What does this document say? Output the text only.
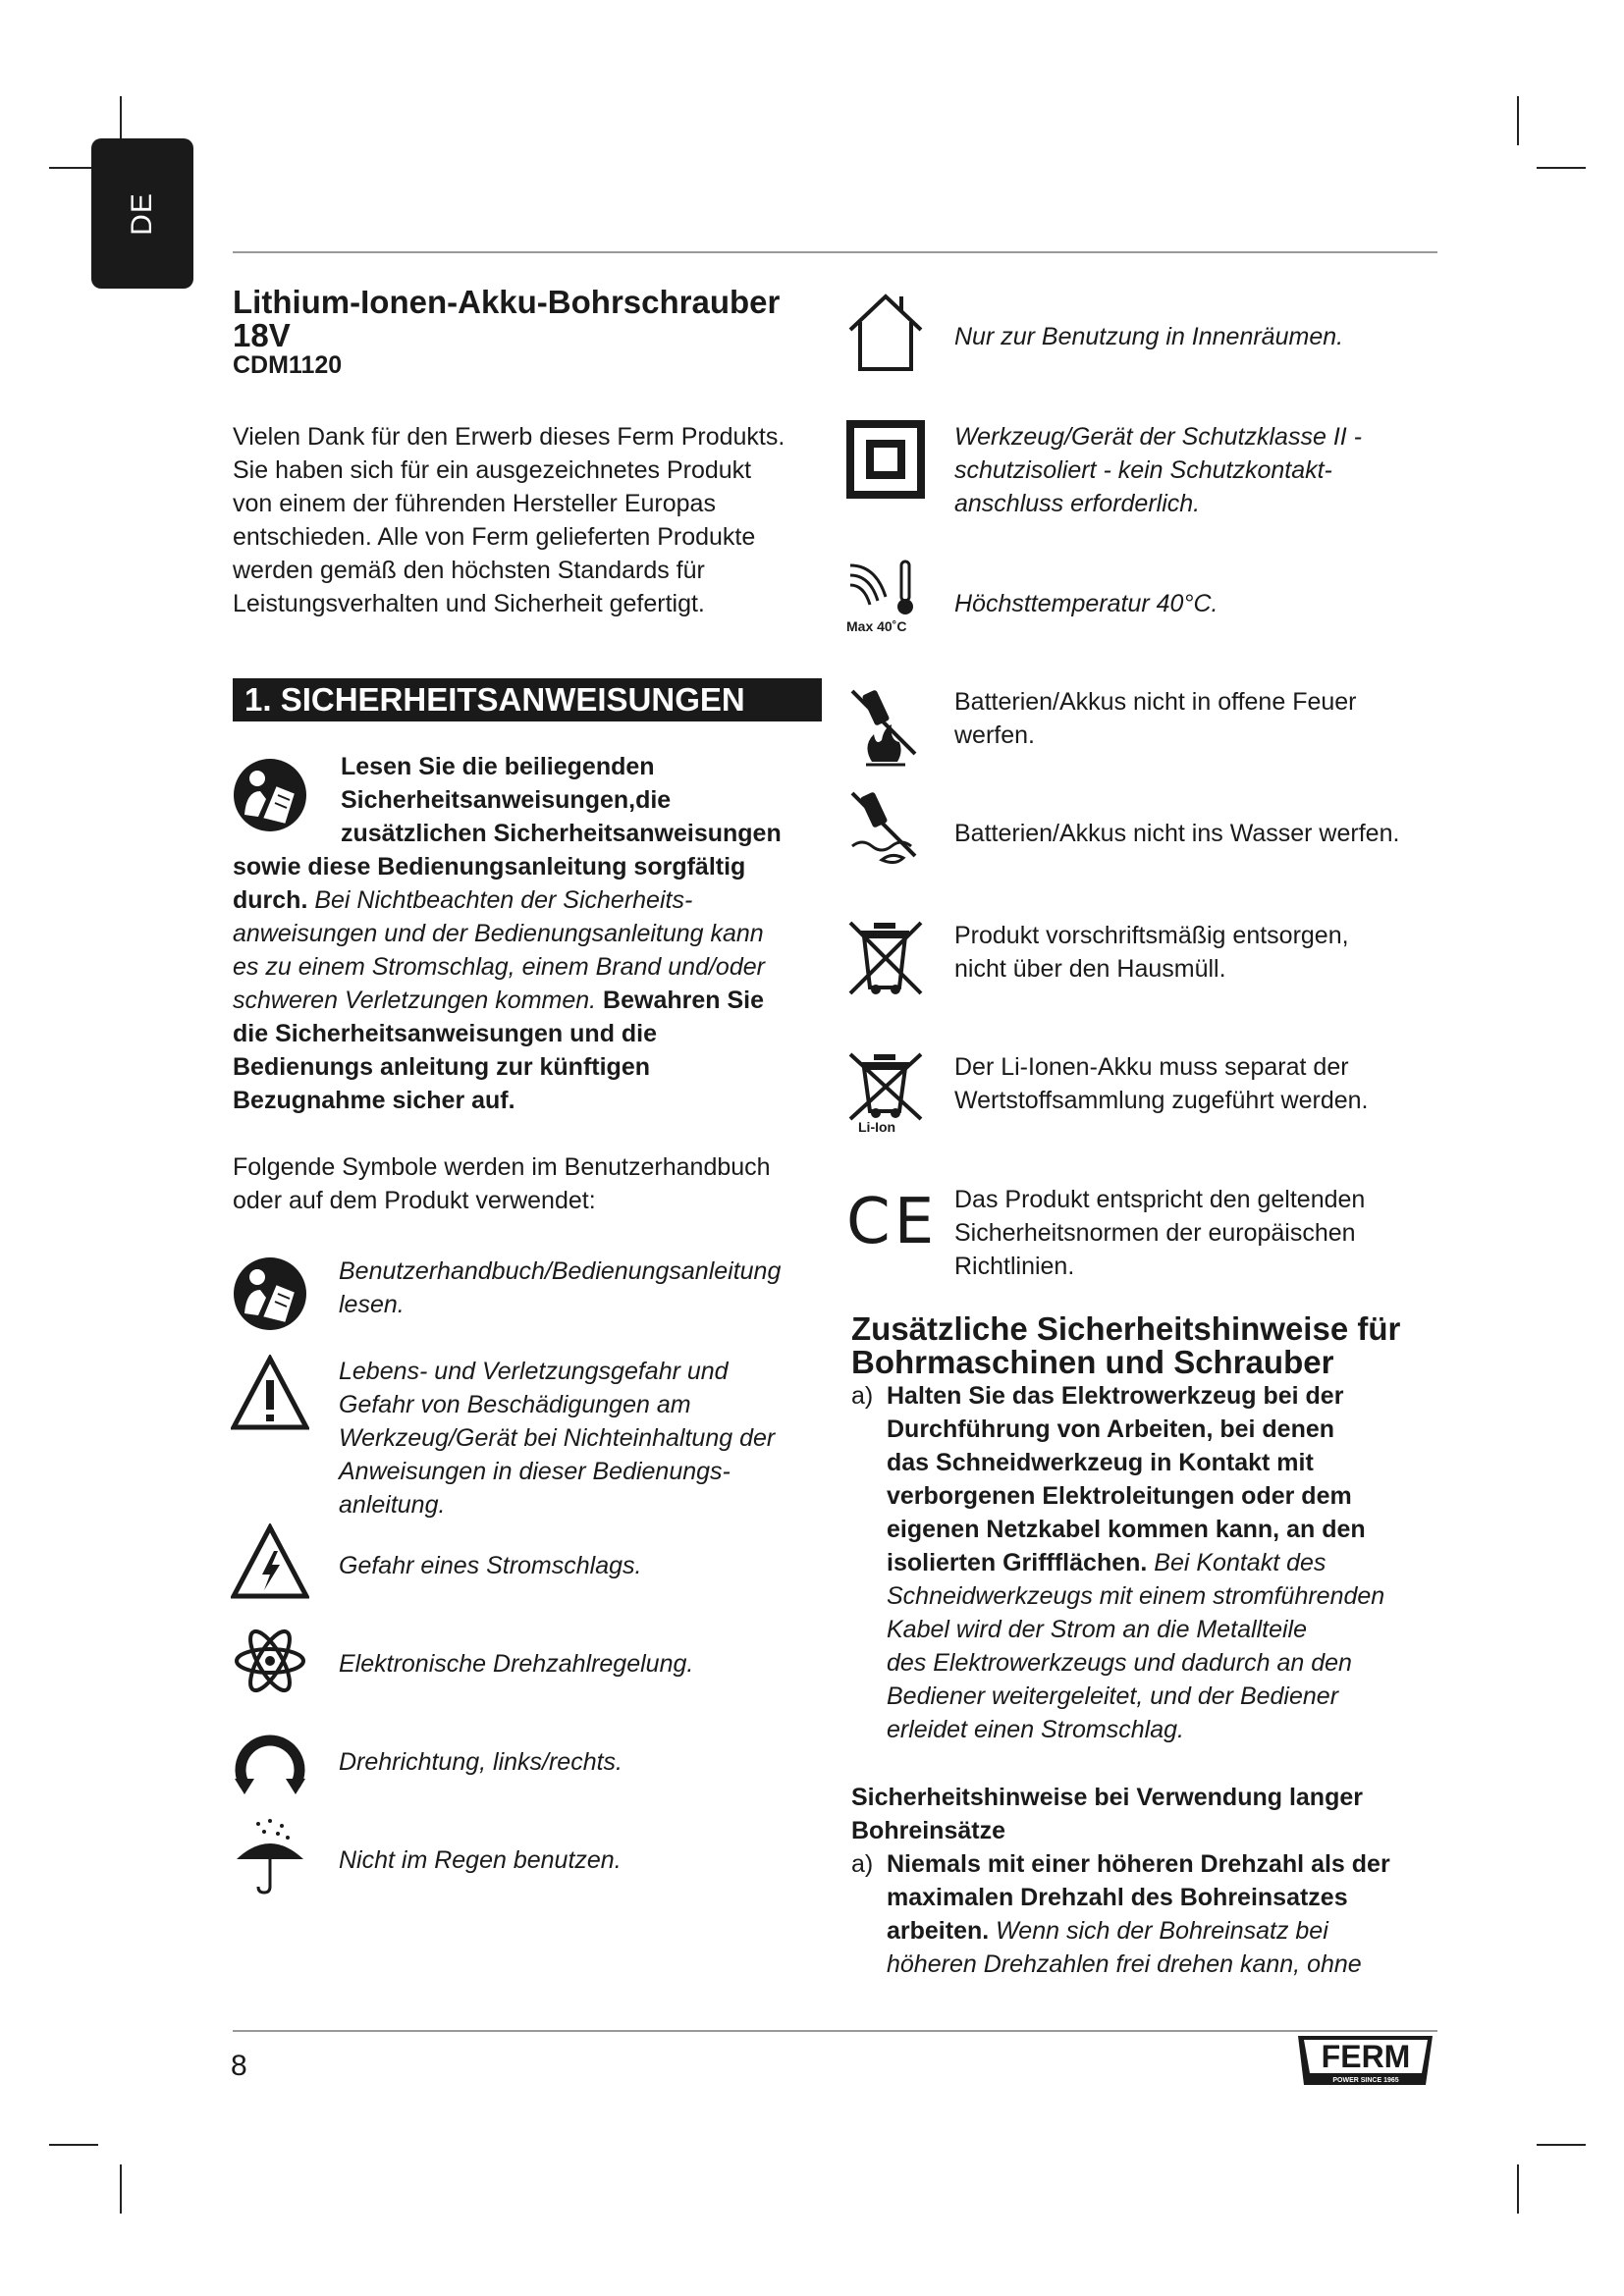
DE
Lithium-Ionen-Akku-Bohrschrauber
18V
CDM1120
Vielen Dank für den Erwerb dieses Ferm Produkts.
Sie haben sich für ein ausgezeichnetes Produkt
von einem der führenden Hersteller Europas
entschieden. Alle von Ferm gelieferten Produkte
werden gemäß den höchsten Standards für
Leistungsverhalten und Sicherheit gefertigt.
1. SICHERHEITSANWEISUNGEN
Lesen Sie die beiliegenden
Sicherheitsanweisungen,die
zusätzlichen Sicherheitsanweisungen
sowie diese Bedienungsanleitung sorgfältig
durch. Bei Nichtbeachten der Sicherheits-
anweisungen und der Bedienungsanleitung kann
es zu einem Stromschlag, einem Brand und/oder
schweren Verletzungen kommen. Bewahren Sie
die Sicherheitsanweisungen und die
Bedienungs anleitung zur künftigen
Bezugnahme sicher auf.
Folgende Symbole werden im Benutzerhandbuch
oder auf dem Produkt verwendet:
Benutzerhandbuch/Bedienungsanleitung
lesen.
Lebens- und Verletzungsgefahr und
Gefahr von Beschädigungen am
Werkzeug/Gerät bei Nichteinhaltung der
Anweisungen in dieser Bedienungs-
anleitung.
Gefahr eines Stromschlags.
Elektronische Drehzahlregelung.
Drehrichtung, links/rechts.
Nicht im Regen benutzen.
Nur zur Benutzung in Innenräumen.
Werkzeug/Gerät der Schutzklasse II -
schutzisoliert - kein Schutzkontakt-
anschluss erforderlich.
Max 40˚C
Höchsttemperatur 40°C.
Batterien/Akkus nicht in offene Feuer
werfen.
Batterien/Akkus nicht ins Wasser werfen.
Produkt vorschriftsmäßig entsorgen,
nicht über den Hausmüll.
Li-Ion
Der Li-Ionen-Akku muss separat der
Wertstoffsammlung zugeführt werden.
CE Das Produkt entspricht den geltenden
Sicherheitsnormen der europäischen
Richtlinien.
Zusätzliche Sicherheitshinweise für
Bohrmaschinen und Schrauber
a) Halten Sie das Elektrowerkzeug bei der
Durchführung von Arbeiten, bei denen
das Schneidwerkzeug in Kontakt mit
verborgenen Elektroleitungen oder dem
eigenen Netzkabel kommen kann, an den
isolierten Griffflächen. Bei Kontakt des
Schneidwerkzeugs mit einem stromführenden
Kabel wird der Strom an die Metallteile
des Elektrowerkzeugs und dadurch an den
Bediener weitergeleitet, und der Bediener
erleidet einen Stromschlag.
Sicherheitshinweise bei Verwendung langer
Bohreinsätze
a) Niemals mit einer höheren Drehzahl als der
maximalen Drehzahl des Bohreinsatzes
arbeiten. Wenn sich der Bohreinsatz bei
höheren Drehzahlen frei drehen kann, ohne
8	FERM
POWER SINCE 1965
